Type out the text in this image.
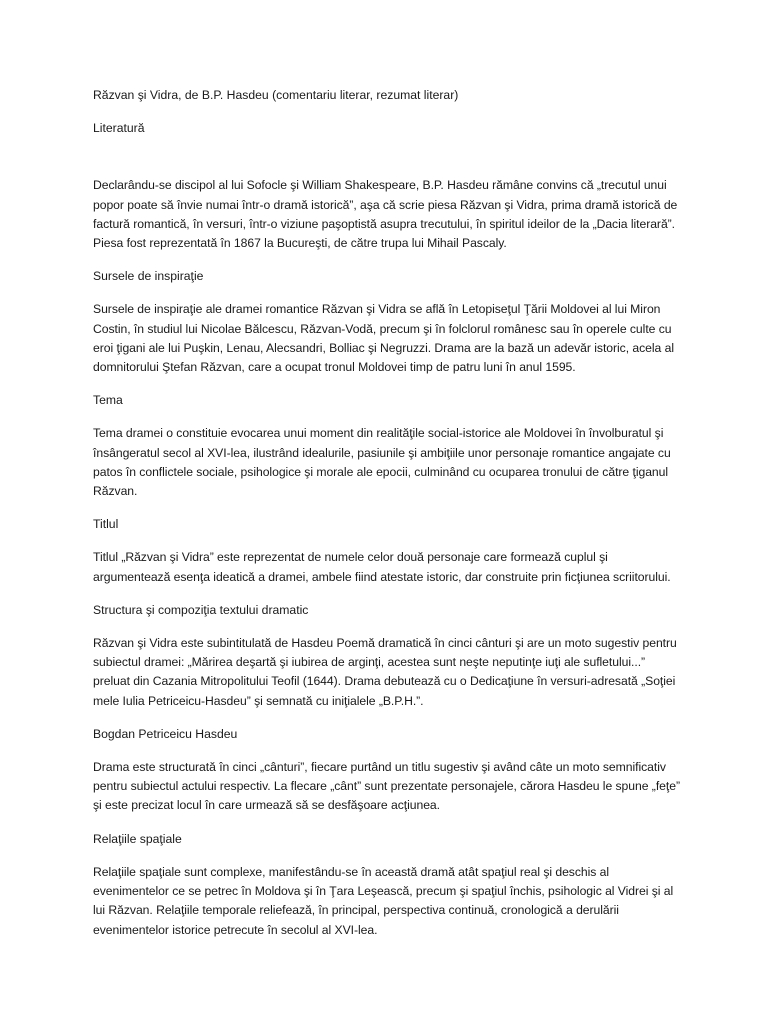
Răzvan şi Vidra, de B.P. Hasdeu (comentariu literar, rezumat literar)

Literatură

Declarându-se discipol al lui Sofocle şi William Shakespeare, B.P. Hasdeu rămâne convins că „trecutul unui popor poate să învie numai într-o dramă istorică”, aşa că scrie piesa Răzvan şi Vidra, prima dramă istorică de factură romantică, în versuri, într-o viziune paşoptistă asupra trecutului, în spiritul ideilor de la „Dacia literară”. Piesa fost reprezentată în 1867 la Bucureşti, de către trupa lui Mihail Pascaly.

Sursele de inspiraţie

Sursele de inspiraţie ale dramei romantice Răzvan şi Vidra se află în Letopiseţul Ţării Moldovei al lui Miron Costin, în studiul lui Nicolae Bălcescu, Răzvan-Vodă, precum şi în folclorul românesc sau în operele culte cu eroi ţigani ale lui Puşkin, Lenau, Alecsandri, Bolliac şi Negruzzi. Drama are la bază un adevăr istoric, acela al domnitorului Ştefan Răzvan, care a ocupat tronul Moldovei timp de patru luni în anul 1595.

Tema

Tema dramei o constituie evocarea unui moment din realităţile social-istorice ale Moldovei în învolburatul şi însângeratul secol al XVI-lea, ilustrând idealurile, pasiunile şi ambiţiile unor personaje romantice angajate cu patos în conflictele sociale, psihologice şi morale ale epocii, culminând cu ocuparea tronului de către ţiganul Răzvan.

Titlul

Titlul „Răzvan şi Vidra” este reprezentat de numele celor două personaje care formează cuplul şi argumentează esenţa ideatică a dramei, ambele fiind atestate istoric, dar construite prin ficţiunea scriitorului.

Structura şi compoziţia textului dramatic

Răzvan şi Vidra este subintitulată de Hasdeu Poemă dramatică în cinci cânturi şi are un moto sugestiv pentru subiectul dramei: „Mărirea deşartă şi iubirea de arginţi, acestea sunt neşte neputinţe iuţi ale sufletului...” preluat din Cazania Mitropolitului Teofil (1644). Drama debutează cu o Dedicaţiune în versuri-adresată „Soţiei mele Iulia Petriceicu-Hasdeu” şi semnată cu iniţialele „B.P.H.”.

Bogdan Petriceicu Hasdeu

Drama este structurată în cinci „cânturi”, fiecare purtând un titlu sugestiv şi având câte un moto semnificativ pentru subiectul actului respectiv. La flecare „cânt” sunt prezentate personajele, cărora Hasdeu le spune „feţe” şi este precizat locul în care urmează să se desfăşoare acţiunea.

Relaţiile spaţiale

Relaţiile spaţiale sunt complexe, manifestându-se în această dramă atât spaţiul real şi deschis al evenimentelor ce se petrec în Moldova şi în Ţara Leşească, precum şi spaţiul închis, psihologic al Vidrei şi al lui Răzvan. Relaţiile temporale reliefează, în principal, perspectiva continuă, cronologică a derulării evenimentelor istorice petrecute în secolul al XVI-lea.
